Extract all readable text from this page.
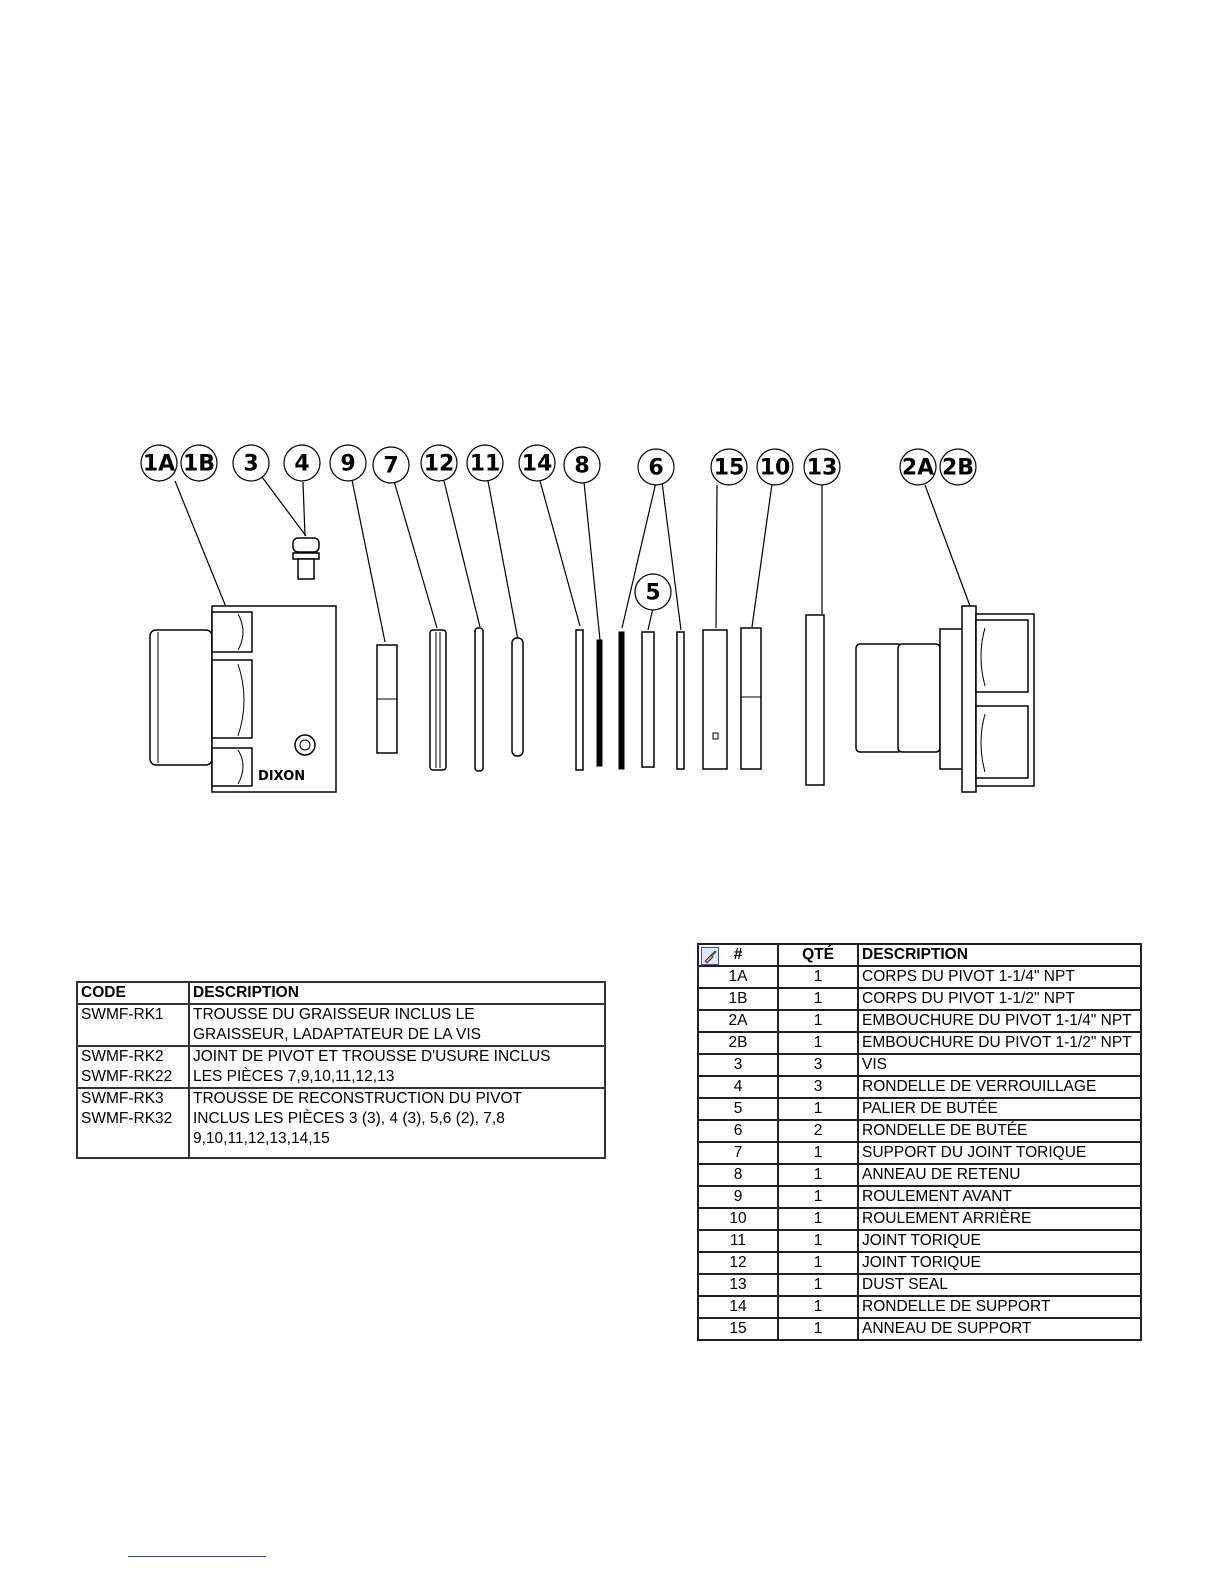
DIXON
1A 1B 3 4 9 7 12 11 14 8	6
5
15 10 13	2A 2B
CODE	DESCRIPTION

SWMF-RK1	TROUSSE DU GRAISSEUR INCLUS LE
GRAISSEUR, LADAPTATEUR DE LA VIS

SWMF-RK2
SWMF-RK22	JOINT DE PIVOT ET TROUSSE D'USURE INCLUS
LES PIÈCES 7,9,10,11,12,13

SWMF-RK3
SWMF-RK32	TROUSSE DE RECONSTRUCTION DU PIVOT
INCLUS LES PIÈCES 3 (3), 4 (3), 5,6 (2), 7,8
9,10,11,12,13,14,15
#	QTÉ	DESCRIPTION
1A	1	CORPS DU PIVOT 1-1/4" NPT
1B	1	CORPS DU PIVOT 1-1/2" NPT
2A	1	EMBOUCHURE DU PIVOT 1-1/4" NPT
2B	1	EMBOUCHURE DU PIVOT 1-1/2" NPT
3	3	VIS
4	3	RONDELLE DE VERROUILLAGE
5	1	PALIER DE BUTÉE
6	2	RONDELLE DE BUTÉE
7	1	SUPPORT DU JOINT TORIQUE
8	1	ANNEAU DE RETENU
9	1	ROULEMENT AVANT
10	1	ROULEMENT ARRIÈRE
11	1	JOINT TORIQUE
12	1	JOINT TORIQUE
13	1	DUST SEAL
14	1	RONDELLE DE SUPPORT
15	1	ANNEAU DE SUPPORT
